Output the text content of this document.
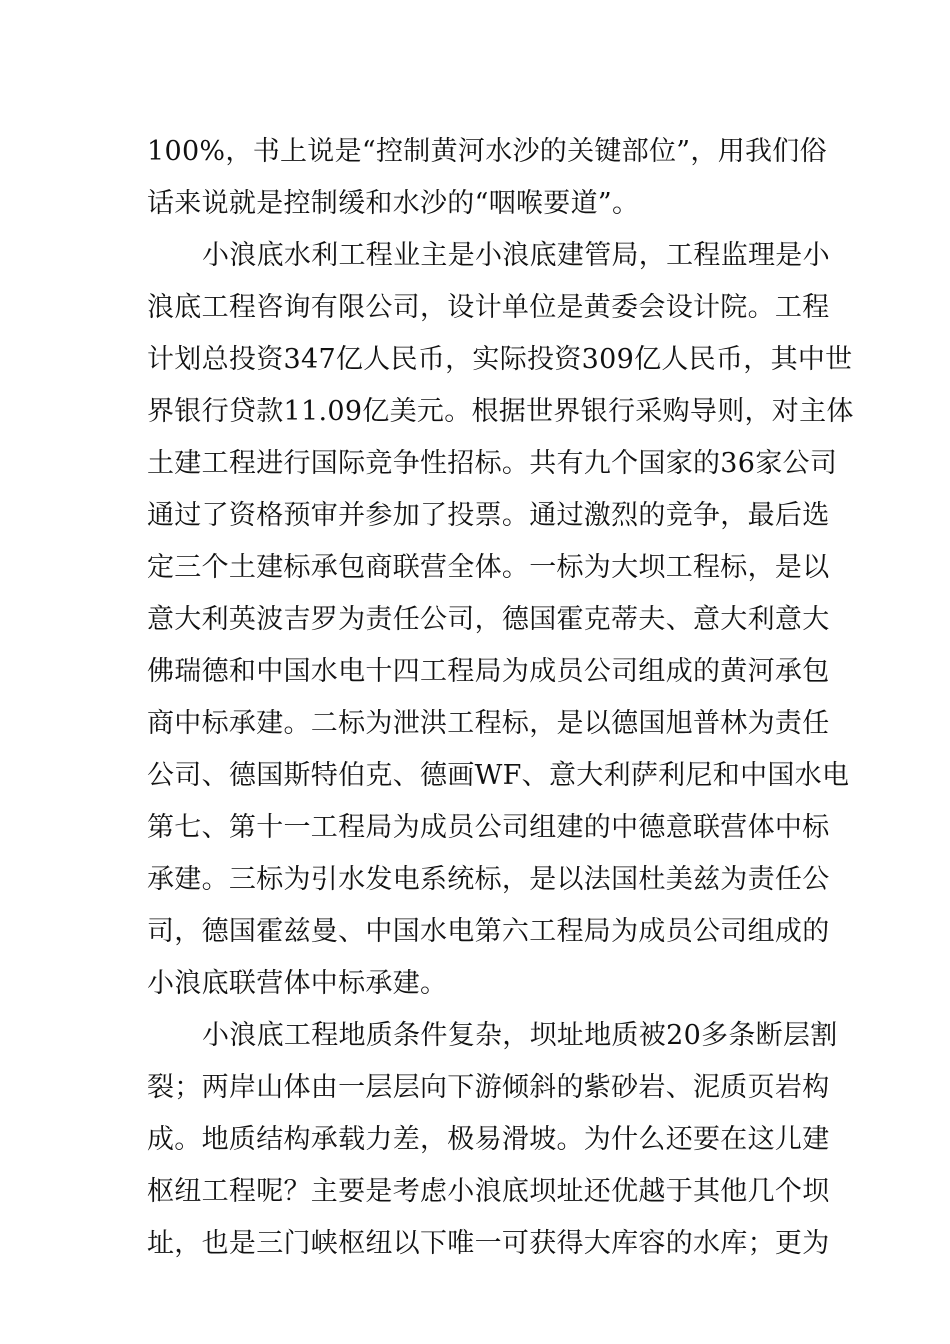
100%，书上说是“控制黄河水沙的关键部位”，用我们俗
话来说就是控制缓和水沙的“咽喉要道”。
小浪底水利工程业主是小浪底建管局，工程监理是小
浪底工程咨询有限公司，设计单位是黄委会设计院。工程
计划总投资347亿人民币，实际投资309亿人民币，其中世
界银行贷款11.09亿美元。根据世界银行采购导则，对主体
土建工程进行国际竞争性招标。共有九个国家的36家公司
通过了资格预审并参加了投票。通过激烈的竞争，最后选
定三个土建标承包商联营全体。一标为大坝工程标，是以
意大利英波吉罗为责任公司，德国霍克蒂夫、意大利意大
佛瑞德和中国水电十四工程局为成员公司组成的黄河承包
商中标承建。二标为泄洪工程标，是以德国旭普林为责任
公司、德国斯特伯克、德画WF、意大利萨利尼和中国水电
第七、第十一工程局为成员公司组建的中德意联营体中标
承建。三标为引水发电系统标，是以法国杜美兹为责任公
司，德国霍兹曼、中国水电第六工程局为成员公司组成的
小浪底联营体中标承建。
小浪底工程地质条件复杂，坝址地质被20多条断层割
裂；两岸山体由一层层向下游倾斜的紫砂岩、泥质页岩构
成。地质结构承载力差，极易滑坡。为什么还要在这儿建
枢纽工程呢？主要是考虑小浪底坝址还优越于其他几个坝
址，也是三门峡枢纽以下唯一可获得大库容的水库；更为
